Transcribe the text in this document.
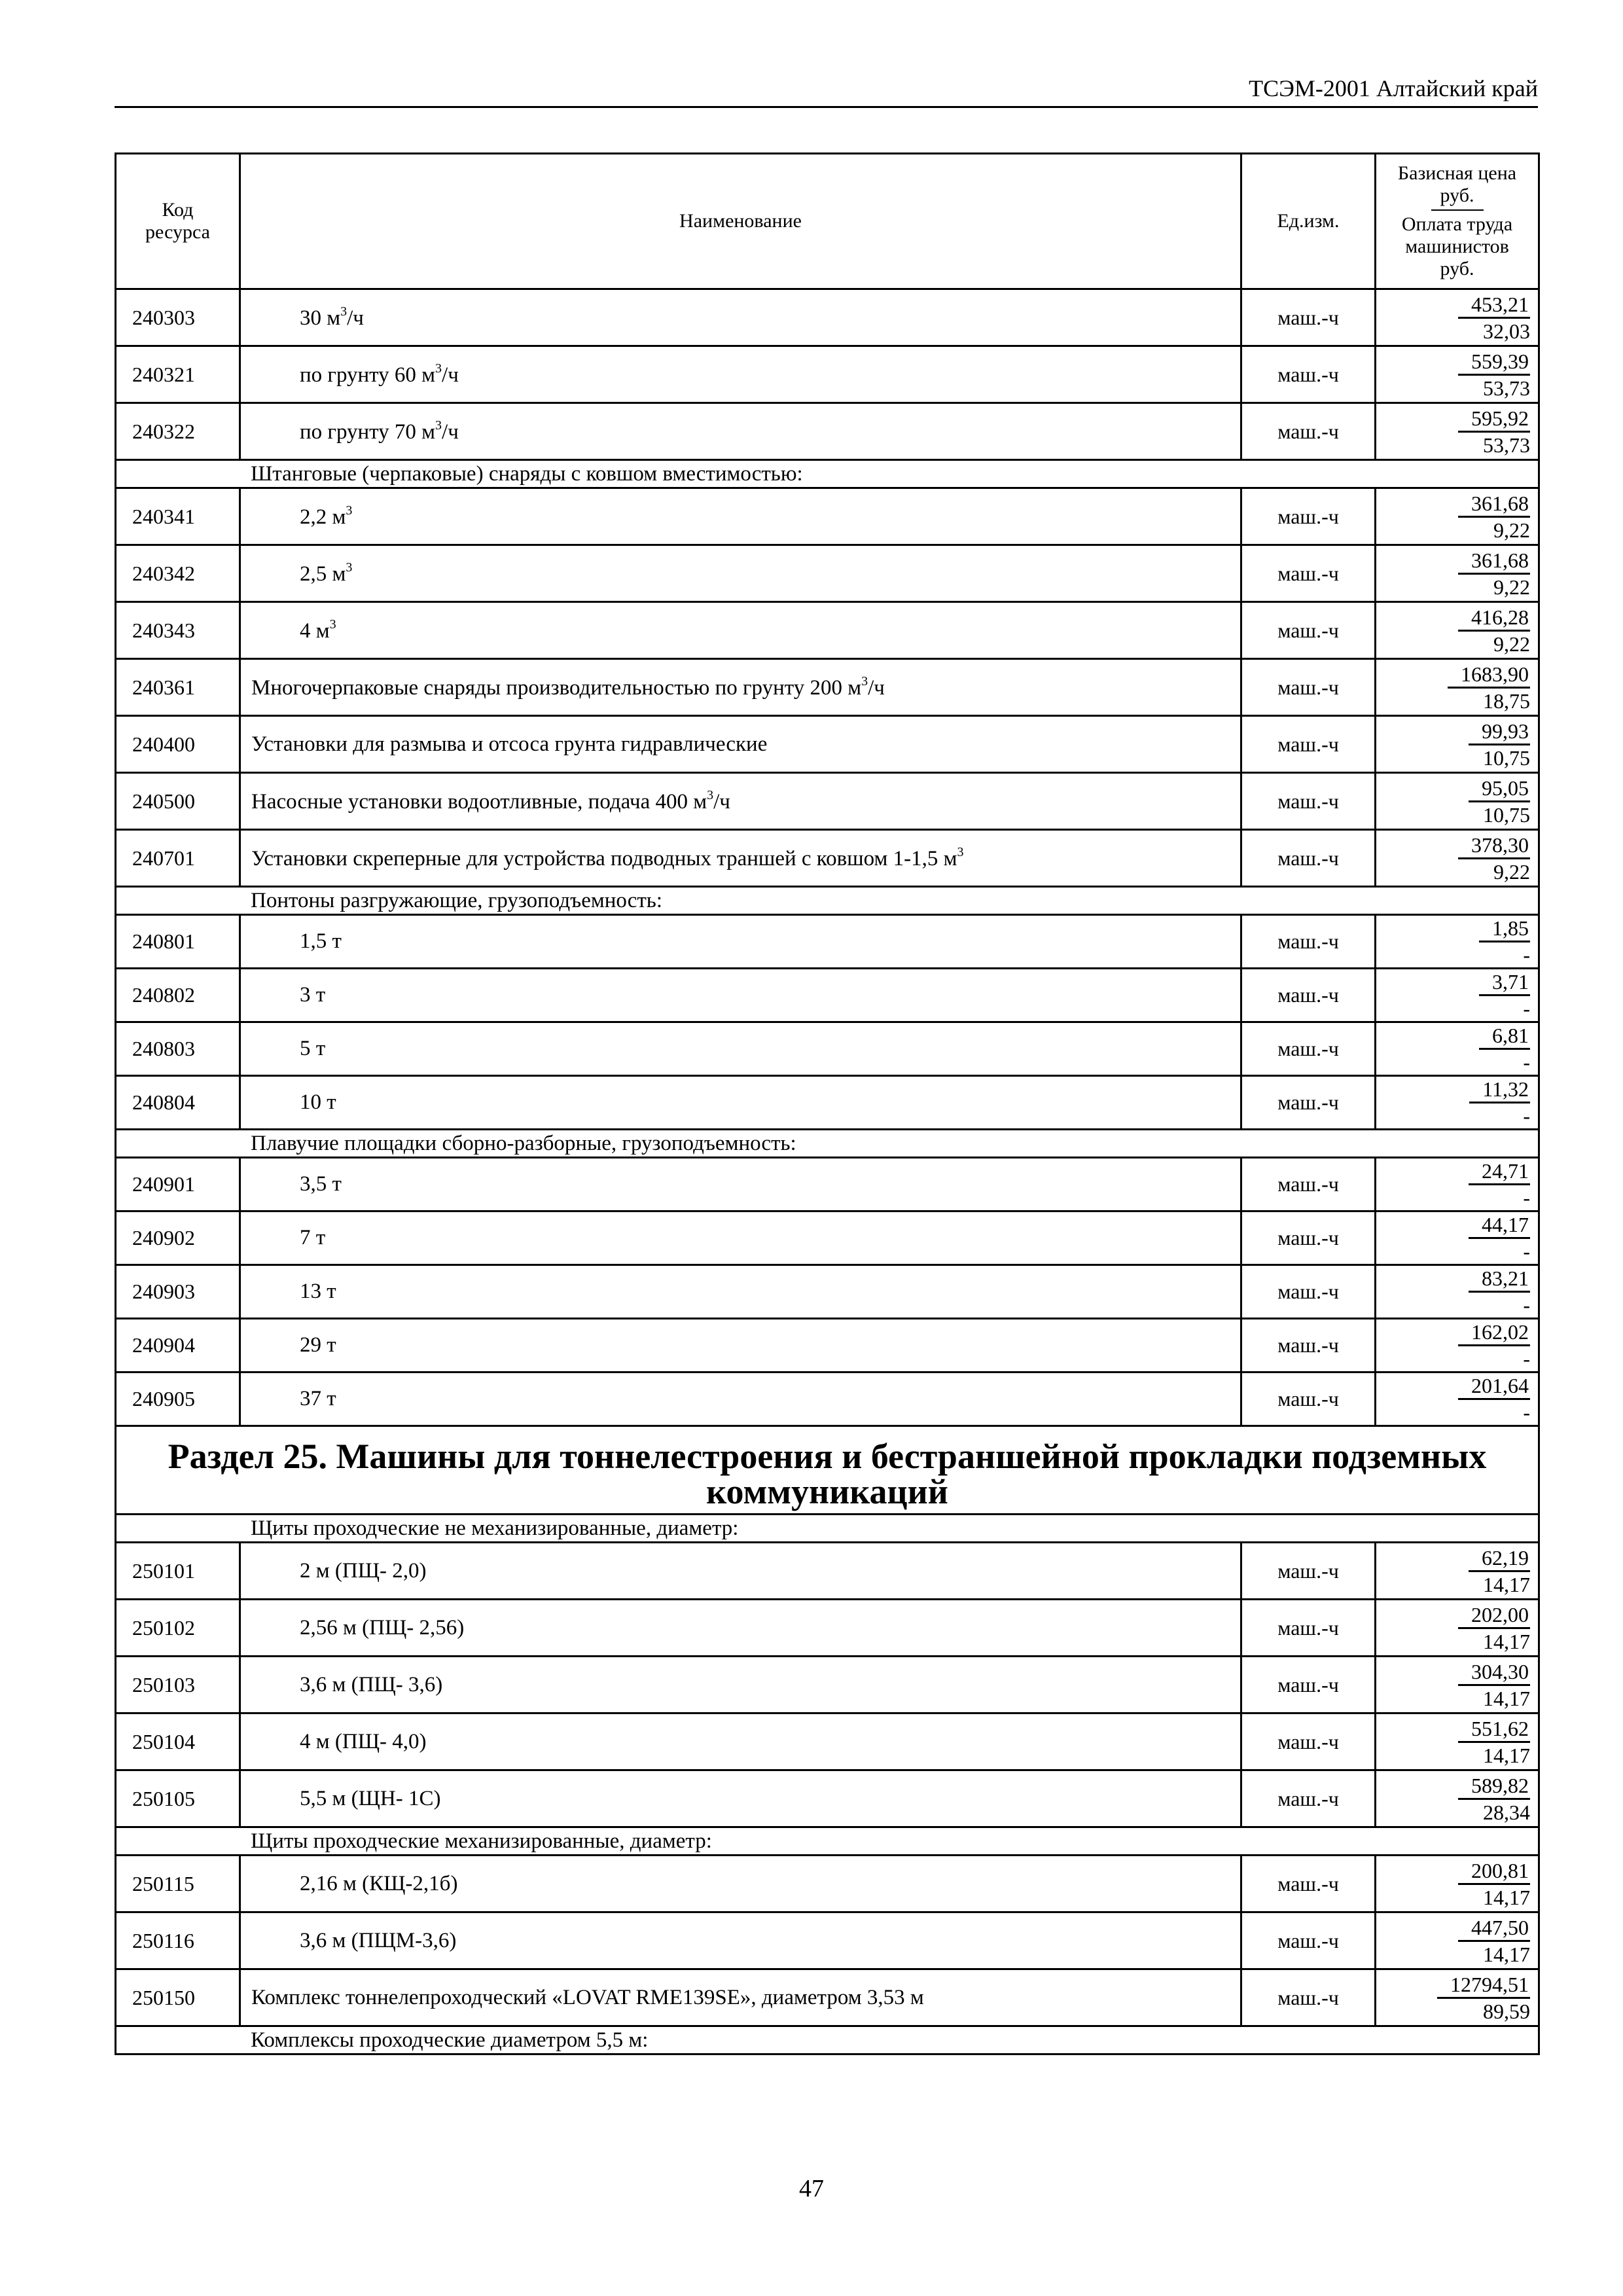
ТСЭМ-2001 Алтайский край
Код ресурса	Наименование	Ед.изм.	Базисная цена руб.
Оплата труда машинистов руб.

240303	30 $м^3/ч$	маш.-ч	453,21
32,03

240321	по грунту 60 $м^3/ч$	маш.-ч	559,39
53,73

240322	по грунту 70 $м^3/ч$	маш.-ч	595,92
53,73

Штанговые (черпаковые) снаряды с ковшом вместимостью:			
240341	2,2 $м^3$	маш.-ч	361,68
9,22

240342	2,5 $м^3$	маш.-ч	361,68
9,22

240343	4 $м^3$	маш.-ч	416,28
9,22

240361	Многочерпаковые снаряды производительностью по грунту 200 $м^3/ч$	маш.-ч	1683,90
18,75

240400	Установки для размыва и отсоса грунта гидравлические	маш.-ч	99,93
10,75

240500	Насосные установки водоотливные, подача 400 $м^3/ч$	маш.-ч	95,05
10,75

240701	Установки скреперные для устройства подводных траншей с ковшом 1-1,5 $м^3$	маш.-ч	378,30
9,22

Понтоны разгружающие, грузоподъемность:			
240801	1,5 т	маш.-ч	1,85
-

240802	3 т	маш.-ч	3,71
-

240803	5 т	маш.-ч	6,81
-

240804	10 т	маш.-ч	11,32
-

Плавучие площадки сборно-разборные, грузоподъемность:			
240901	3,5 т	маш.-ч	24,71
-

240902	7 т	маш.-ч	44,17
-

240903	13 т	маш.-ч	83,21
-

240904	29 т	маш.-ч	162,02
-

240905	37 т	маш.-ч	201,64
-

Раздел 25. Машины для тоннелестроения и бестраншейной прокладки подземных коммуникаций			
Щиты проходческие не механизированные, диаметр:			
250101	2 м (ПЩ- 2,0)	маш.-ч	62,19
14,17

250102	2,56 м (ПЩ- 2,56)	маш.-ч	202,00
14,17

250103	3,6 м (ПЩ- 3,6)	маш.-ч	304,30
14,17

250104	4 м (ПЩ- 4,0)	маш.-ч	551,62
14,17

250105	5,5 м (ЩН- 1С)	маш.-ч	589,82
28,34

Щиты проходческие механизированные, диаметр:			
250115	2,16 м (КЩ-2,1б)	маш.-ч	200,81
14,17

250116	3,6 м (ПЩМ-3,6)	маш.-ч	447,50
14,17

250150	Комплекс тоннелепроходческий «LOVAT RME139SE», диаметром 3,53 м	маш.-ч	12794,51
89,59

Комплексы проходческие диаметром 5,5 м:			
47
